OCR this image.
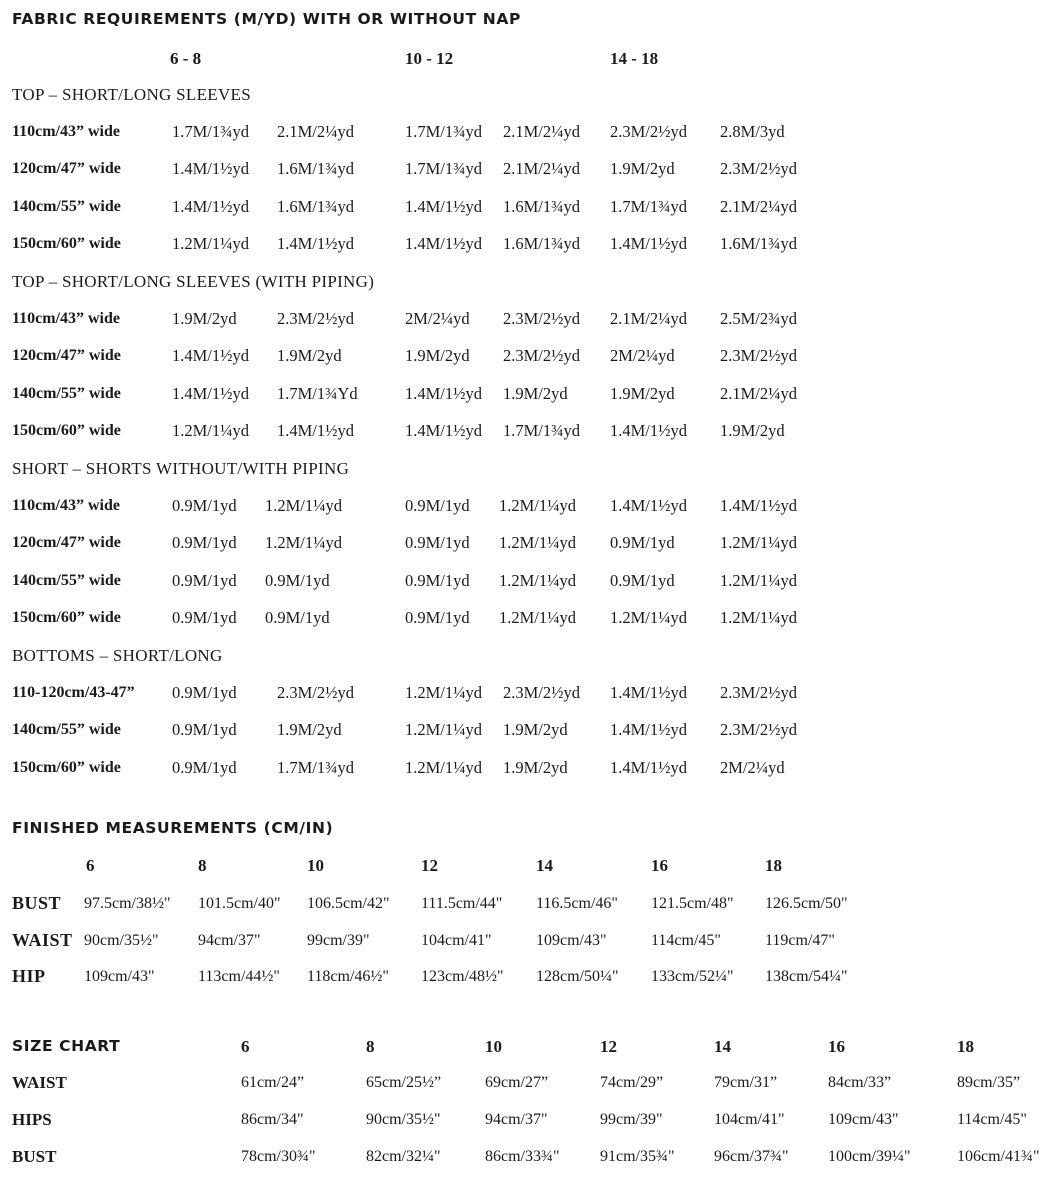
FABRIC REQUIREMENTS (M/YD) WITH OR WITHOUT NAP
6 - 8	10 - 12	14 - 18
TOP – SHORT/LONG SLEEVES
110cm/43” wide	1.7M/1¾yd 2.1M/2¼yd	1.7M/1¾yd 2.1M/2¼yd 2.3M/2½yd 2.8M/3yd
120cm/47” wide	1.4M/1½yd 1.6M/1¾yd	1.7M/1¾yd 2.1M/2¼yd 1.9M/2yd	2.3M/2½yd
140cm/55” wide	1.4M/1½yd 1.6M/1¾yd	1.4M/1½yd 1.6M/1¾yd 1.7M/1¾yd 2.1M/2¼yd
150cm/60” wide	1.2M/1¼yd 1.4M/1½yd	1.4M/1½yd 1.6M/1¾yd 1.4M/1½yd 1.6M/1¾yd
TOP – SHORT/LONG SLEEVES (WITH PIPING)
110cm/43” wide	1.9M/2yd 2.3M/2½yd	2M/2¼yd 2.3M/2½yd 2.1M/2¼yd 2.5M/2¾yd
120cm/47” wide	1.4M/1½yd 1.9M/2yd	1.9M/2yd 2.3M/2½yd 2M/2¼yd	2.3M/2½yd
140cm/55” wide	1.4M/1½yd 1.7M/1¾Yd	1.4M/1½yd 1.9M/2yd	1.9M/2yd	2.1M/2¼yd
150cm/60” wide	1.2M/1¼yd 1.4M/1½yd	1.4M/1½yd 1.7M/1¾yd 1.4M/1½yd 1.9M/2yd
SHORT – SHORTS WITHOUT/WITH PIPING
110cm/43” wide	0.9M/1yd 1.2M/1¼yd	0.9M/1yd 1.2M/1¼yd 1.4M/1½yd 1.4M/1½yd
120cm/47” wide	0.9M/1yd 1.2M/1¼yd	0.9M/1yd 1.2M/1¼yd 0.9M/1yd	1.2M/1¼yd
140cm/55” wide	0.9M/1yd 0.9M/1yd	0.9M/1yd 1.2M/1¼yd 0.9M/1yd	1.2M/1¼yd
150cm/60” wide	0.9M/1yd 0.9M/1yd	0.9M/1yd 1.2M/1¼yd 1.2M/1¼yd 1.2M/1¼yd
BOTTOMS – SHORT/LONG
110-120cm/43-47” 0.9M/1yd 2.3M/2½yd	1.2M/1¼yd 2.3M/2½yd 1.4M/1½yd 2.3M/2½yd
140cm/55” wide	0.9M/1yd 1.9M/2yd	1.2M/1¼yd 1.9M/2yd	1.4M/1½yd 2.3M/2½yd
150cm/60” wide	0.9M/1yd 1.7M/1¾yd	1.2M/1¼yd 1.9M/2yd	1.4M/1½yd 2M/2¼yd
FINISHED MEASUREMENTS (CM/IN)
6	8	10	12	14	16	18
BUST 97.5cm/38½" 101.5cm/40" 106.5cm/42" 111.5cm/44" 116.5cm/46" 121.5cm/48" 126.5cm/50"
WAIST 90cm/35½" 94cm/37"	99cm/39"	104cm/41"	109cm/43"	114cm/45"	119cm/47"
HIP 109cm/43"	113cm/44½" 118cm/46½" 123cm/48½" 128cm/50¼" 133cm/52¼" 138cm/54¼"
SIZE CHART	6	8	10	12	14	16	18
WAIST	61cm/24”	65cm/25½”	69cm/27”	74cm/29”	79cm/31”	84cm/33”	89cm/35”
HIPS	86cm/34"	90cm/35½"	94cm/37"	99cm/39"	104cm/41"	109cm/43"	114cm/45"
BUST	78cm/30¾"	82cm/32¼"	86cm/33¾"	91cm/35¾" 96cm/37¾" 100cm/39¼"	106cm/41¾"
